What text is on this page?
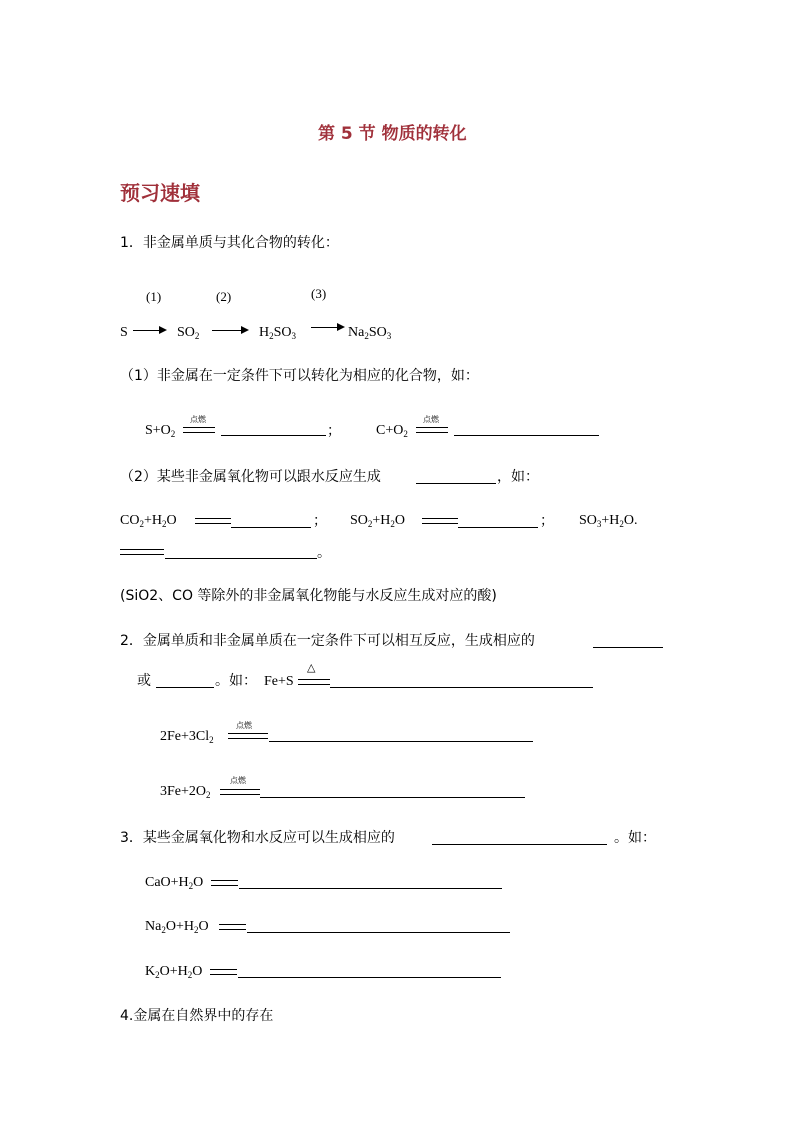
第 5 节 物质的转化
预习速填
1．非金属单质与其化合物的转化：
(1)	(2)	(3)
S	$SO_2$	$H_2SO_3$	$Na_2SO_3$
（1）非金属在一定条件下可以转化为相应的化合物，如：
$S+O_2$
点燃
；	$C+O_2$
点燃
（2）某些非金属氧化物可以跟水反应生成	，如：
$CO_2+H_2O$	； $SO_2+H_2O$	； $SO_3+H_2O$.
。
(SiO2、CO 等除外的非金属氧化物能与水反应生成对应的酸)
2．金属单质和非金属单质在一定条件下可以相互反应，生成相应的
或	。如： Fe+S
△
$2Fe+3Cl_2$
点燃
$3Fe+2O_2$
点燃
3．某些金属氧化物和水反应可以生成相应的	。如：
$CaO+H_2O$
$Na_2O+H_2O$
$K_2O+H_2O$
4.金属在自然界中的存在
